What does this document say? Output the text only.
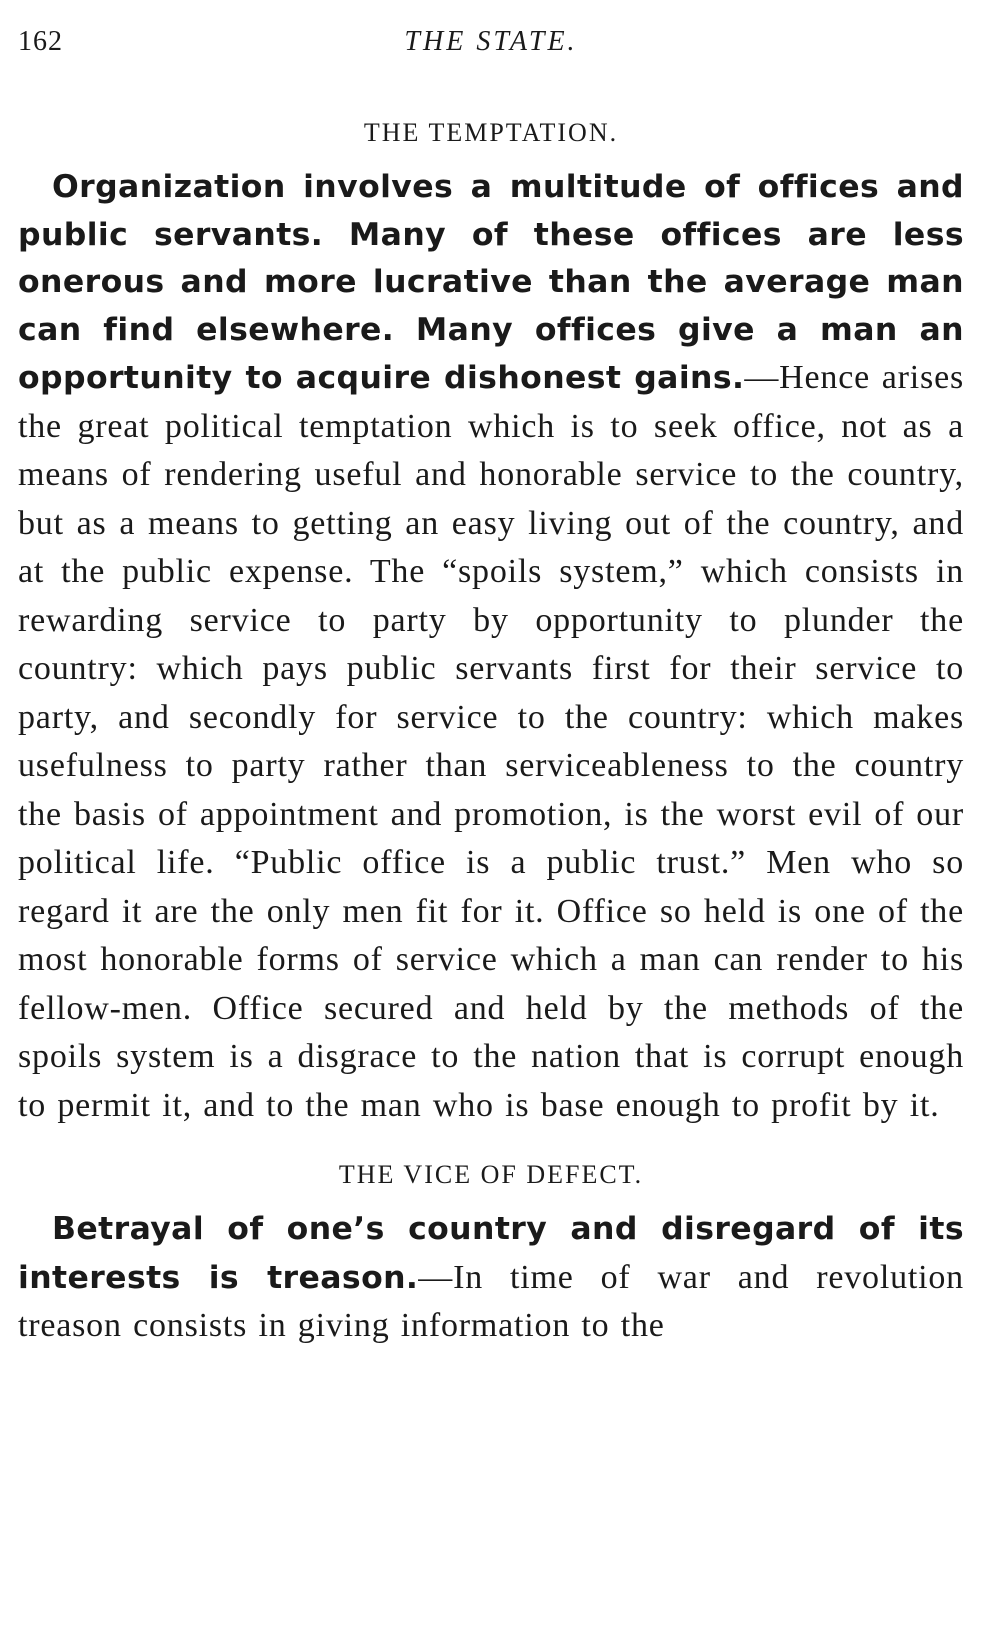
162	THE STATE.
THE TEMPTATION.

Organization involves a multitude of offices and public servants. Many of these offices are less onerous and more lucrative than the average man can find elsewhere. Many offices give a man an opportunity to acquire dishonest gains.—Hence arises the great political temptation which is to seek office, not as a means of rendering useful and honorable service to the country, but as a means to getting an easy living out of the country, and at the public expense. The “spoils system,” which consists in rewarding service to party by opportunity to plunder the country: which pays public servants first for their service to party, and secondly for service to the country: which makes usefulness to party rather than serviceableness to the country the basis of appointment and promotion, is the worst evil of our political life. “Public office is a public trust.” Men who so regard it are the only men fit for it. Office so held is one of the most honorable forms of service which a man can render to his fellow-men. Office secured and held by the methods of the spoils system is a disgrace to the nation that is corrupt enough to permit it, and to the man who is base enough to profit by it.

THE VICE OF DEFECT.

Betrayal of one’s country and disregard of its interests is treason.—In time of war and revolution treason consists in giving information to the
